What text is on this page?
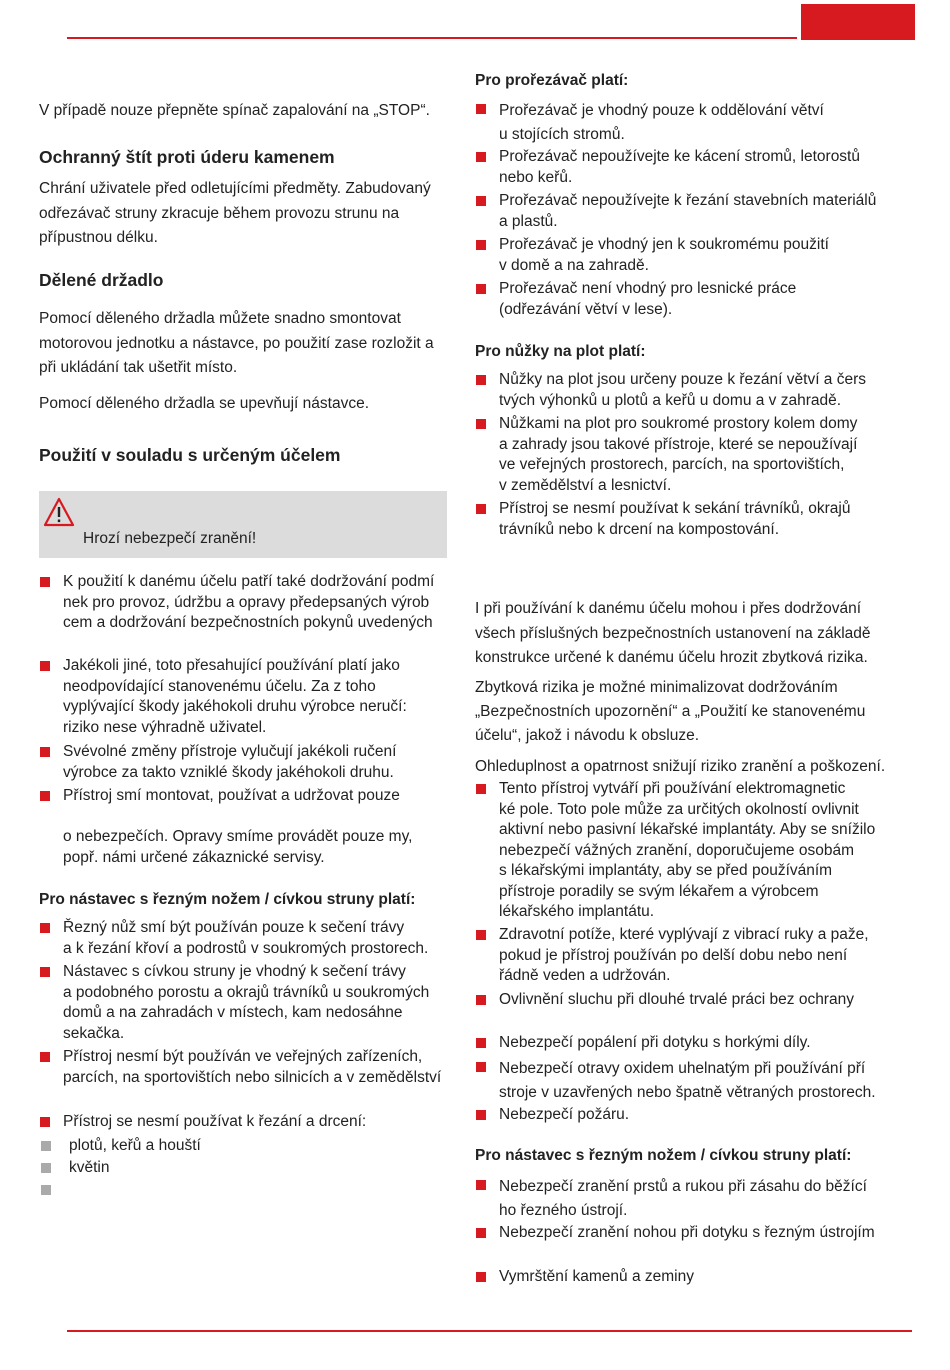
V případě nouze přepněte spínač zapalování na „STOP“.

Ochranný štít proti úderu kamenem

Chrání uživatele před odletujícími předměty. Zabudovaný
odřezávač struny zkracuje během provozu strunu na
přípustnou délku.

Dělené držadlo

Pomocí děleného držadla můžete snadno smontovat
motorovou jednotku a nástavce, po použití zase rozložit a
při ukládání tak ušetřit místo.

Pomocí děleného držadla se upevňují nástavce.

Použití v souladu s určeným účelem

K použití k danému účelu patří také dodržování podmí
nek pro provoz, údržbu a opravy předepsaných výrob
cem a dodržování bezpečnostních pokynů uvedených

Jakékoli jiné, toto přesahující používání platí jako
neodpovídající stanovenému účelu. Za z toho
vyplývající škody jakéhokoli druhu výrobce neručí:
riziko nese výhradně uživatel.

Svévolné změny přístroje vylučují jakékoli ručení
výrobce za takto vzniklé škody jakéhokoli druhu.

Přístroj smí montovat, používat a udržovat pouze

o nebezpečích. Opravy smíme provádět pouze my,
popř. námi určené zákaznické servisy.

Pro nástavec s řezným nožem / cívkou struny platí:

Řezný nůž smí být používán pouze k sečení trávy
a k řezání křoví a podrostů v soukromých prostorech.

Nástavec s cívkou struny je vhodný k sečení trávy
a podobného porostu a okrajů trávníků u soukromých
domů a na zahradách v místech, kam nedosáhne
sekačka.

Přístroj nesmí být používán ve veřejných zařízeních,
parcích, na sportovištích nebo silnicích a v zemědělství

Přístroj se nesmí používat k řezání a drcení:

plotů, keřů a houští

květin

Hrozí nebezpečí zranění!
Pro prořezávač platí:

Prořezávač je vhodný pouze k oddělování větví
u stojících stromů.

Prořezávač nepoužívejte ke kácení stromů, letorostů
nebo keřů.

Prořezávač nepoužívejte k řezání stavebních materiálů
a plastů.

Prořezávač je vhodný jen k soukromému použití
v domě a na zahradě.

Prořezávač není vhodný pro lesnické práce
(odřezávání větví v lese).

Pro nůžky na plot platí:

Nůžky na plot jsou určeny pouze k řezání větví a čers
tvých výhonků u plotů a keřů u domu a v zahradě.

Nůžkami na plot pro soukromé prostory kolem domy
a zahrady jsou takové přístroje, které se nepoužívají
ve veřejných prostorech, parcích, na sportovištích,
v zemědělství a lesnictví.

Přístroj se nesmí používat k sekání trávníků, okrajů
trávníků nebo k drcení na kompostování.

I při používání k danému účelu mohou i přes dodržování
všech příslušných bezpečnostních ustanovení na základě
konstrukce určené k danému účelu hrozit zbytková rizika.

Zbytková rizika je možné minimalizovat dodržováním
„Bezpečnostních upozornění“ a „Použití ke stanovenému
účelu“, jakož i návodu k obsluze.

Ohleduplnost a opatrnost snižují riziko zranění a poškození.

Tento přístroj vytváří při používání elektromagnetic
ké pole. Toto pole může za určitých okolností ovlivnit
aktivní nebo pasivní lékařské implantáty. Aby se snížilo
nebezpečí vážných zranění, doporučujeme osobám
s lékařskými implantáty, aby se před používáním
přístroje poradily se svým lékařem a výrobcem
lékařského implantátu.

Zdravotní potíže, které vyplývají z vibrací ruky a paže,
pokud je přístroj používán po delší dobu nebo není
řádně veden a udržován.

Ovlivnění sluchu při dlouhé trvalé práci bez ochrany

Nebezpečí popálení při dotyku s horkými díly.

Nebezpečí otravy oxidem uhelnatým při používání pří
stroje v uzavřených nebo špatně větraných prostorech.

Nebezpečí požáru.

Pro nástavec s řezným nožem / cívkou struny platí:

Nebezpečí zranění prstů a rukou při zásahu do běžící
ho řezného ústrojí.

Nebezpečí zranění nohou při dotyku s řezným ústrojím

Vymrštění kamenů a zeminy
